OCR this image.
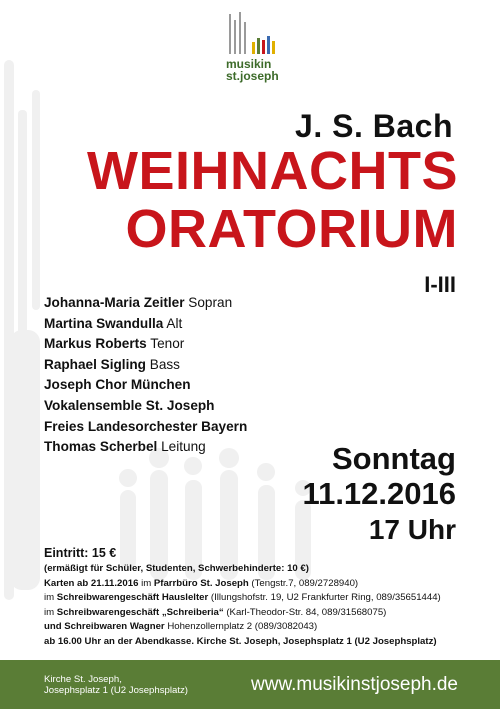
musikin
st.joseph
J. S. Bach
WEIHNACHTS
ORATORIUM
I-III
Johanna-Maria Zeitler Sopran
Martina Swandulla Alt
Markus Roberts Tenor
Raphael Sigling Bass
Joseph Chor München
Vokalensemble St. Joseph
Freies Landesorchester Bayern
Thomas Scherbel Leitung	Sonntag
11.12.2016
17 Uhr
Eintritt: 15 €
(ermäßigt für Schüler, Studenten, Schwerbehinderte: 10 €)
Karten ab 21.11.2016 im Pfarrbüro St. Joseph (Tengstr.7, 089/2728940)
im Schreibwarengeschäft Hauslelter (Illungshofstr. 19, U2 Frankfurter Ring, 089/35651444)
im Schreibwarengeschäft „Schreiberia“ (Karl-Theodor-Str. 84, 089/31568075)
und Schreibwaren Wagner Hohenzollernplatz 2 (089/3082043)
ab 16.00 Uhr an der Abendkasse. Kirche St. Joseph, Josephsplatz 1 (U2 Josephsplatz)
Kirche St. Joseph,
Josephsplatz 1 (U2 Josephsplatz)	www.musikinstjoseph.de
